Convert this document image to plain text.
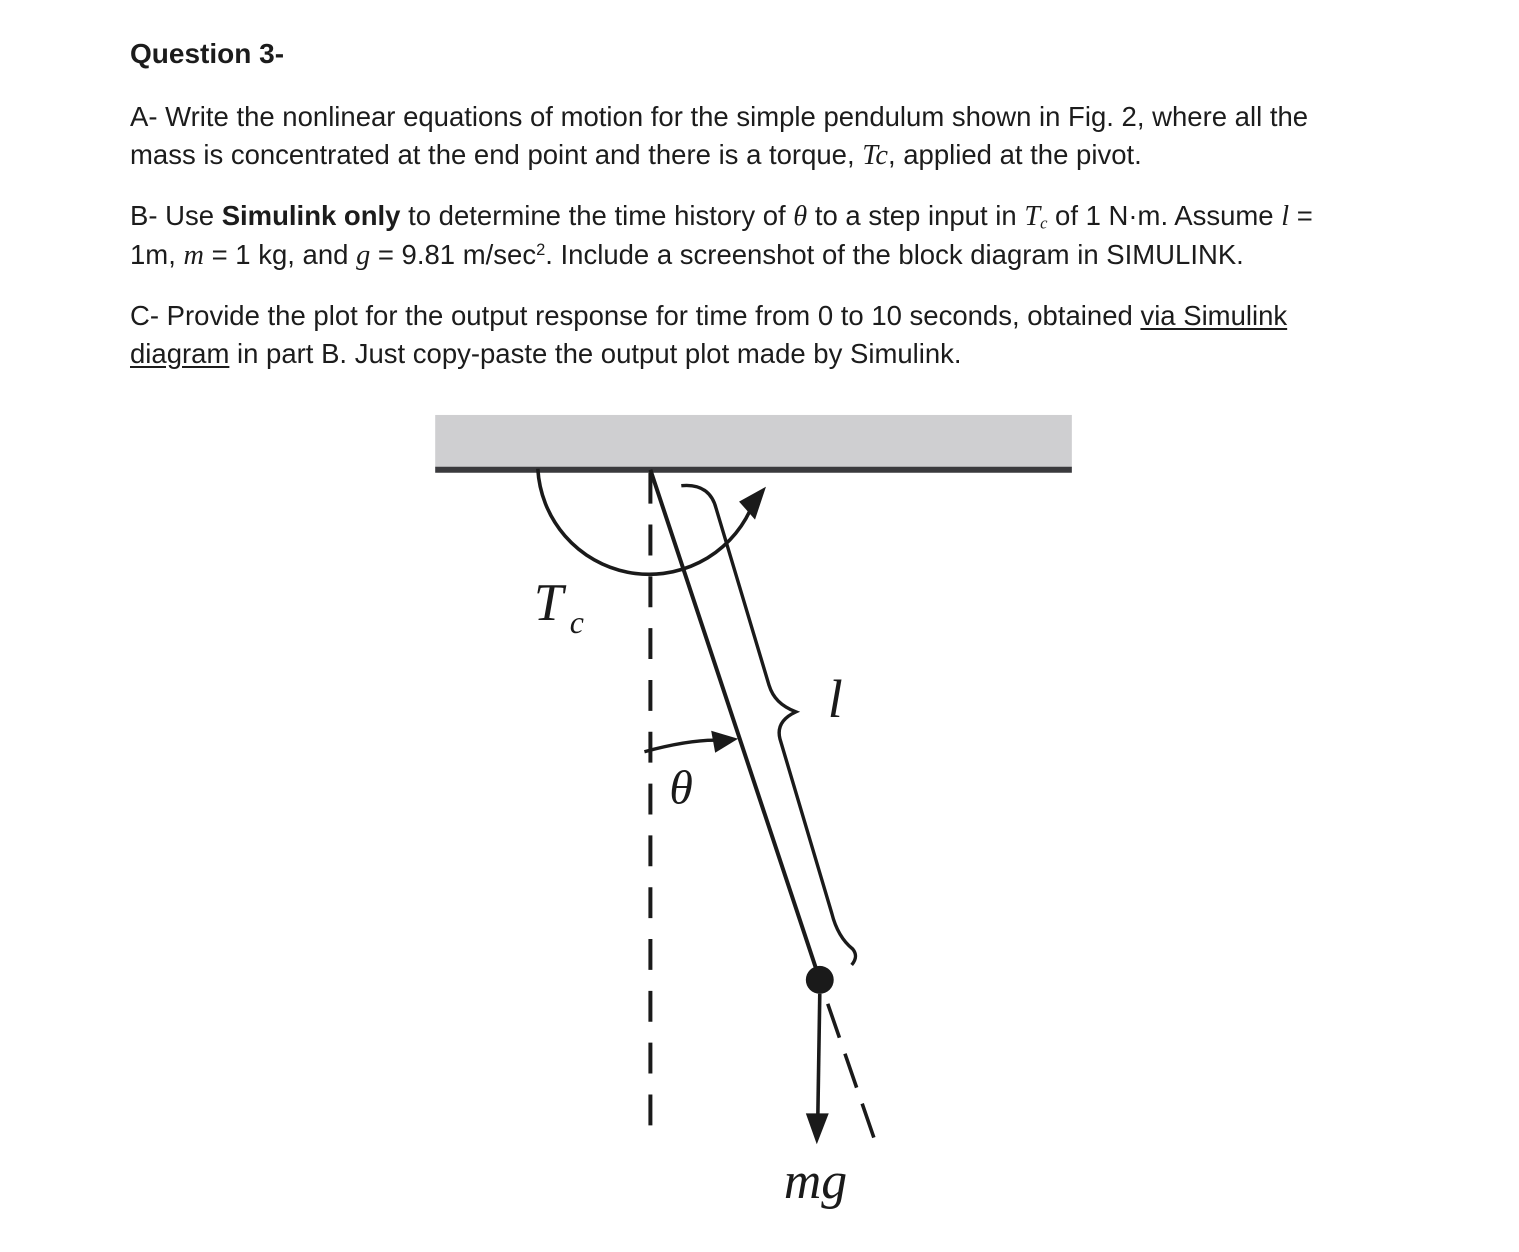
Question 3-

A- Write the nonlinear equations of motion for the simple pendulum shown in Fig. 2, where all the mass is concentrated at the end point and there is a torque, Tc, applied at the pivot.

B- Use Simulink only to determine the time history of θ to a step input in $T_c$ of 1 N·m. Assume l = 1m, m = 1 kg, and g = 9.81 $m/\sec^2$. Include a screenshot of the block diagram in SIMULINK.

C- Provide the plot for the output response for time from 0 to 10 seconds, obtained via Simulink diagram in part B. Just copy-paste the output plot made by Simulink.

T c
θ
l
mg
